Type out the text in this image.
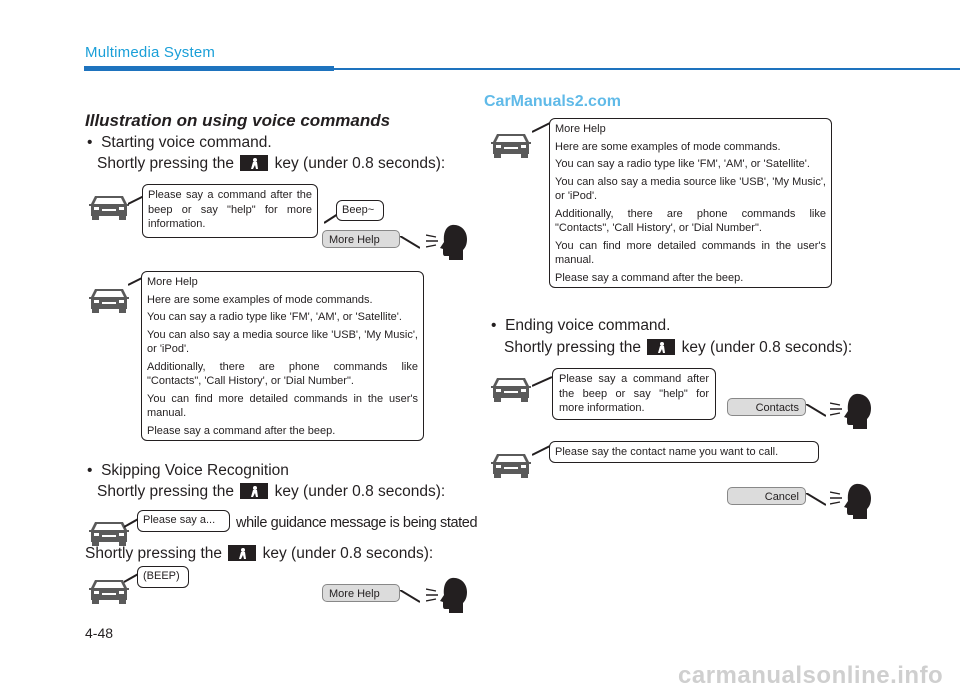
Multimedia System
CarManuals2.com
Illustration on using voice commands
• Starting voice command.
Shortly pressing the	key (under 0.8 seconds):

Please say a command after the beep or say "help" for more information.

Beep~
More Help

More Help

Here are some examples of mode commands.

You can say a radio type like 'FM', 'AM', or 'Satellite'.

You can also say a media source like 'USB', 'My Music', or 'iPod'.

Additionally, there are phone commands like "Contacts", 'Call History', or 'Dial Number".

You can find more detailed commands in the user's manual.

Please say a command after the beep.

• Skipping Voice Recognition
Shortly pressing the	key (under 0.8 seconds):
Please say a...	while guidance message is being stated
Shortly pressing the	key (under 0.8 seconds):
(BEEP)
More Help

More Help

Here are some examples of mode commands.

You can say a radio type like 'FM', 'AM', or 'Satellite'.

You can also say a media source like 'USB', 'My Music', or 'iPod'.

Additionally, there are phone commands like "Contacts", 'Call History', or 'Dial Number".

You can find more detailed commands in the user's manual.

Please say a command after the beep.

• Ending voice command.
Shortly pressing the	key (under 0.8 seconds):

Please say a command after the beep or say "help" for more information.	Contacts
Please say the contact name you want to call.
Cancel
4-48
carmanualsonline.info
